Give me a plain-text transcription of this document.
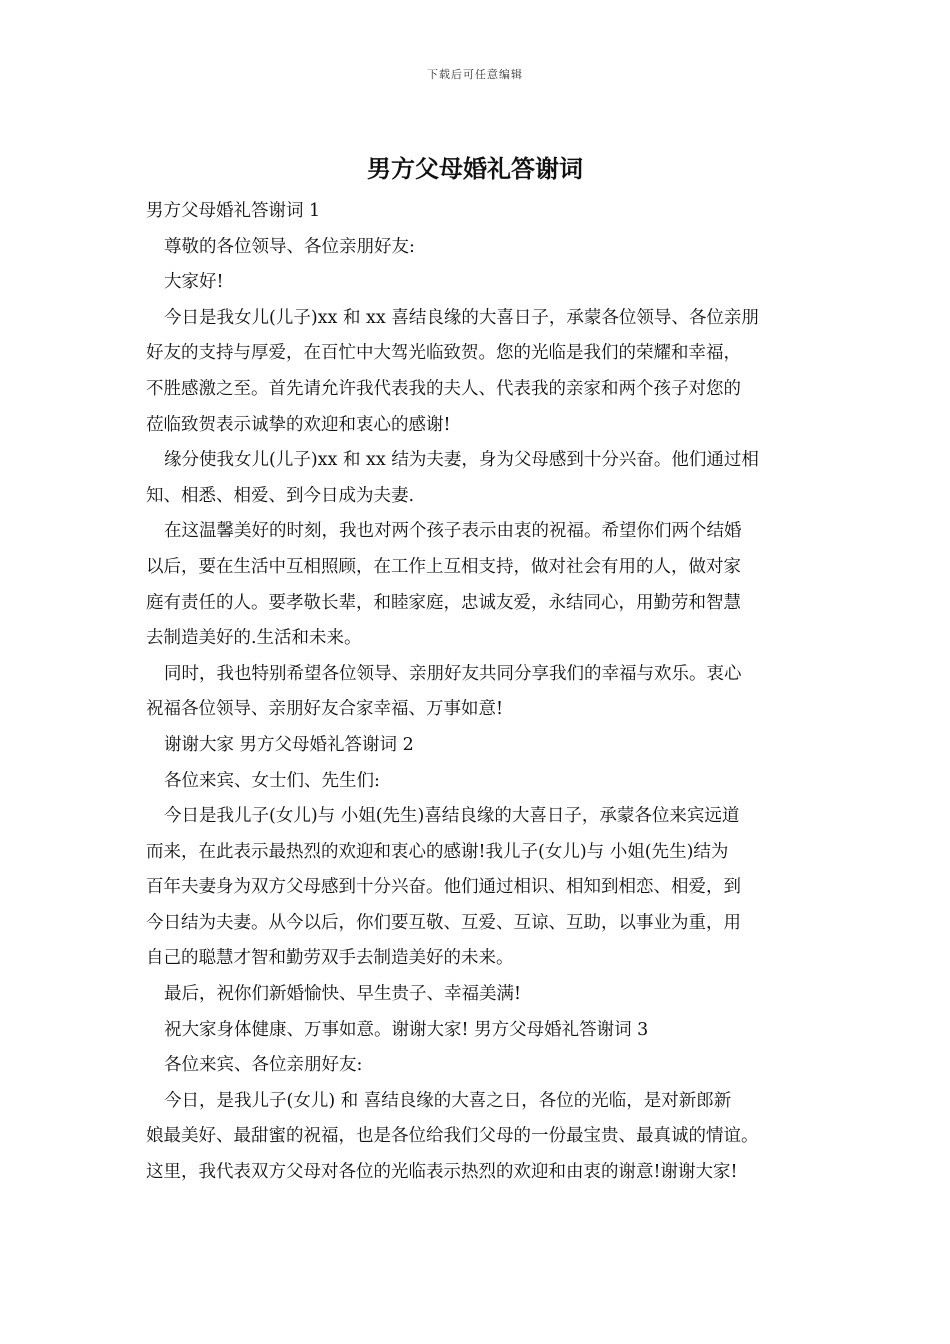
下载后可任意编辑
男方父母婚礼答谢词
男方父母婚礼答谢词 1
尊敬的各位领导、各位亲朋好友:
大家好!
今日是我女儿(儿子)xx 和 xx 喜结良缘的大喜日子，承蒙各位领导、各位亲朋
好友的支持与厚爱，在百忙中大驾光临致贺。您的光临是我们的荣耀和幸福，
不胜感激之至。首先请允许我代表我的夫人、代表我的亲家和两个孩子对您的
莅临致贺表示诚挚的欢迎和衷心的感谢!
缘分使我女儿(儿子)xx 和 xx 结为夫妻，身为父母感到十分兴奋。他们通过相
知、相悉、相爱、到今日成为夫妻.
在这温馨美好的时刻，我也对两个孩子表示由衷的祝福。希望你们两个结婚
以后，要在生活中互相照顾，在工作上互相支持，做对社会有用的人，做对家
庭有责任的人。要孝敬长辈，和睦家庭，忠诚友爱，永结同心，用勤劳和智慧
去制造美好的.生活和未来。
同时，我也特别希望各位领导、亲朋好友共同分享我们的幸福与欢乐。衷心
祝福各位领导、亲朋好友合家幸福、万事如意!
谢谢大家 男方父母婚礼答谢词 2
各位来宾、女士们、先生们:
今日是我儿子(女儿)与 小姐(先生)喜结良缘的大喜日子，承蒙各位来宾远道
而来，在此表示最热烈的欢迎和衷心的感谢!我儿子(女儿)与 小姐(先生)结为
百年夫妻身为双方父母感到十分兴奋。他们通过相识、相知到相恋、相爱，到
今日结为夫妻。从今以后，你们要互敬、互爱、互谅、互助，以事业为重，用
自己的聪慧才智和勤劳双手去制造美好的未来。
最后，祝你们新婚愉快、早生贵子、幸福美满!
祝大家身体健康、万事如意。谢谢大家! 男方父母婚礼答谢词 3
各位来宾、各位亲朋好友:
今日，是我儿子(女儿) 和 喜结良缘的大喜之日，各位的光临，是对新郎新
娘最美好、最甜蜜的祝福，也是各位给我们父母的一份最宝贵、最真诚的情谊。
这里，我代表双方父母对各位的光临表示热烈的欢迎和由衷的谢意!谢谢大家!
